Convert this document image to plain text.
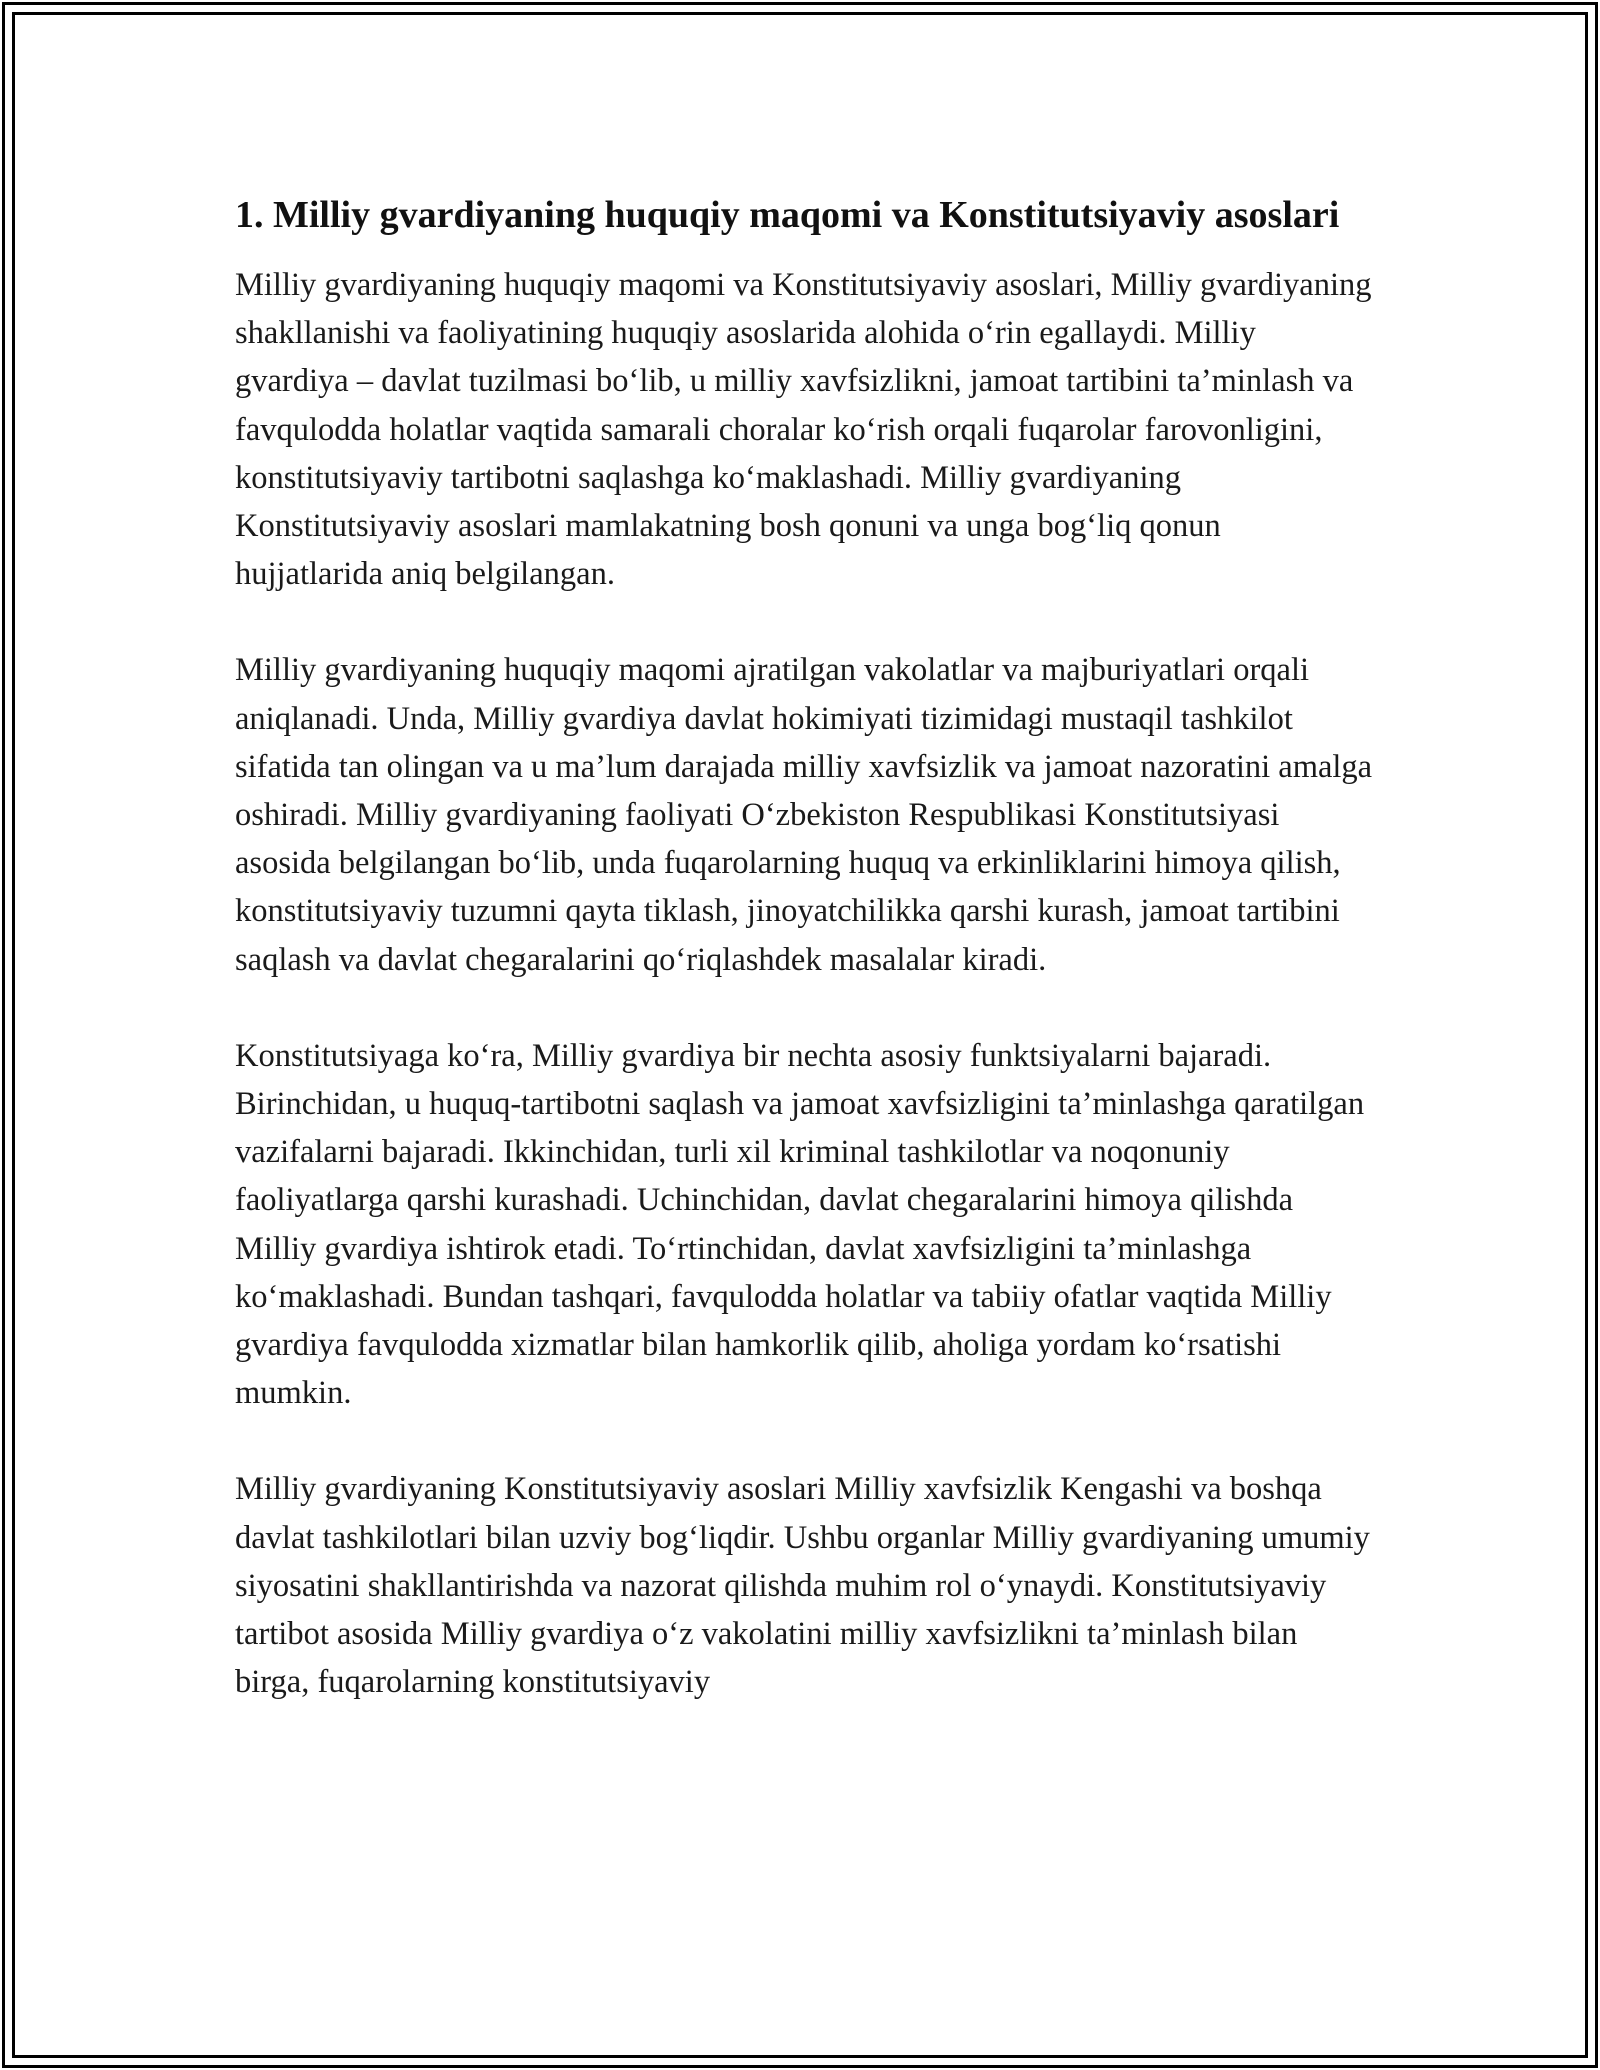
1. Milliy gvardiyaning huquqiy maqomi va Konstitutsiyaviy asoslari

Milliy gvardiyaning huquqiy maqomi va Konstitutsiyaviy asoslari, Milliy gvardiyaning shakllanishi va faoliyatining huquqiy asoslarida alohida o‘rin egallaydi. Milliy gvardiya – davlat tuzilmasi bo‘lib, u milliy xavfsizlikni, jamoat tartibini ta’minlash va favqulodda holatlar vaqtida samarali choralar ko‘rish orqali fuqarolar farovonligini, konstitutsiyaviy tartibotni saqlashga ko‘maklashadi. Milliy gvardiyaning Konstitutsiyaviy asoslari mamlakatning bosh qonuni va unga bog‘liq qonun hujjatlarida aniq belgilangan.

Milliy gvardiyaning huquqiy maqomi ajratilgan vakolatlar va majburiyatlari orqali aniqlanadi. Unda, Milliy gvardiya davlat hokimiyati tizimidagi mustaqil tashkilot sifatida tan olingan va u ma’lum darajada milliy xavfsizlik va jamoat nazoratini amalga oshiradi. Milliy gvardiyaning faoliyati O‘zbekiston Respublikasi Konstitutsiyasi asosida belgilangan bo‘lib, unda fuqarolarning huquq va erkinliklarini himoya qilish, konstitutsiyaviy tuzumni qayta tiklash, jinoyatchilikka qarshi kurash, jamoat tartibini saqlash va davlat chegaralarini qo‘riqlashdek masalalar kiradi.

Konstitutsiyaga ko‘ra, Milliy gvardiya bir nechta asosiy funktsiyalarni bajaradi. Birinchidan, u huquq-tartibotni saqlash va jamoat xavfsizligini ta’minlashga qaratilgan vazifalarni bajaradi. Ikkinchidan, turli xil kriminal tashkilotlar va noqonuniy faoliyatlarga qarshi kurashadi. Uchinchidan, davlat chegaralarini himoya qilishda Milliy gvardiya ishtirok etadi. To‘rtinchidan, davlat xavfsizligini ta’minlashga ko‘maklashadi. Bundan tashqari, favqulodda holatlar va tabiiy ofatlar vaqtida Milliy gvardiya favqulodda xizmatlar bilan hamkorlik qilib, aholiga yordam ko‘rsatishi mumkin.

Milliy gvardiyaning Konstitutsiyaviy asoslari Milliy xavfsizlik Kengashi va boshqa davlat tashkilotlari bilan uzviy bog‘liqdir. Ushbu organlar Milliy gvardiyaning umumiy siyosatini shakllantirishda va nazorat qilishda muhim rol o‘ynaydi. Konstitutsiyaviy tartibot asosida Milliy gvardiya o‘z vakolatini milliy xavfsizlikni ta’minlash bilan birga, fuqarolarning konstitutsiyaviy
